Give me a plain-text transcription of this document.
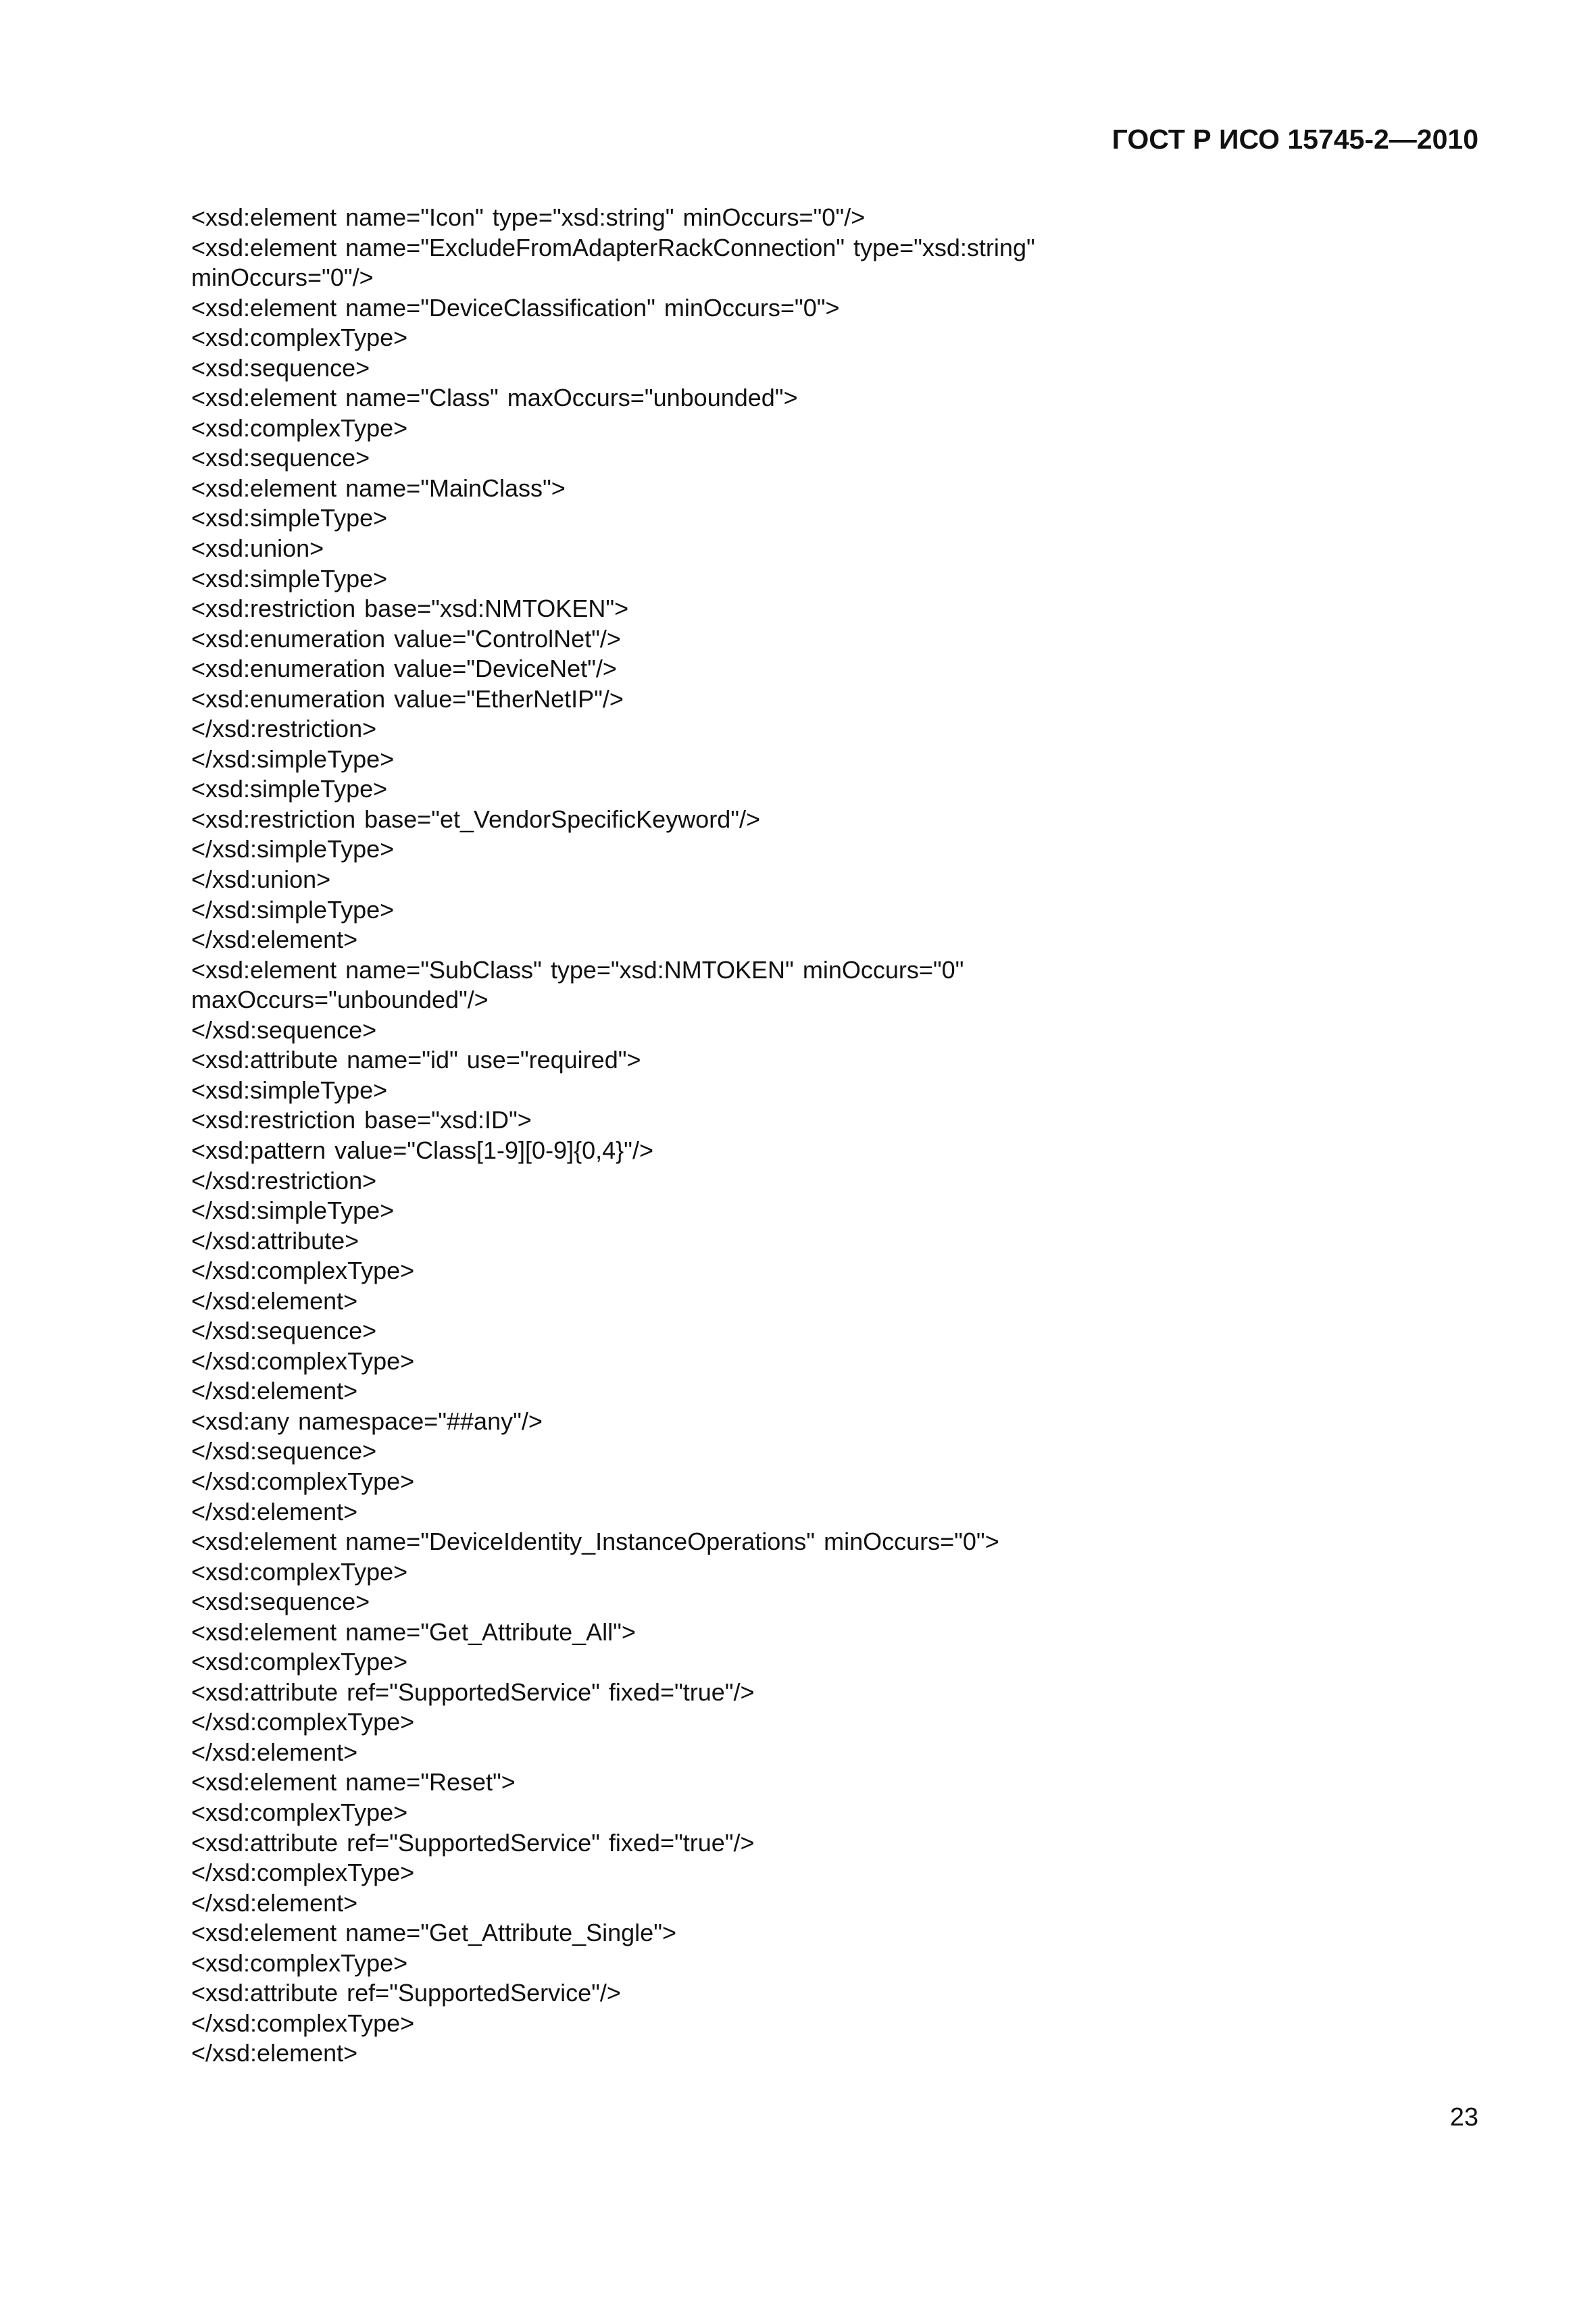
ГОСТ Р ИСО 15745-2—2010
<xsd:element name="Icon" type="xsd:string" minOccurs="0"/>
<xsd:element name="ExcludeFromAdapterRackConnection" type="xsd:string"
minOccurs="0"/>
<xsd:element name="DeviceClassification" minOccurs="0">
<xsd:complexType>
<xsd:sequence>
<xsd:element name="Class" maxOccurs="unbounded">
<xsd:complexType>
<xsd:sequence>
<xsd:element name="MainClass">
<xsd:simpleType>
<xsd:union>
<xsd:simpleType>
<xsd:restriction base="xsd:NMTOKEN">
<xsd:enumeration value="ControlNet"/>
<xsd:enumeration value="DeviceNet"/>
<xsd:enumeration value="EtherNetIP"/>
</xsd:restriction>
</xsd:simpleType>
<xsd:simpleType>
<xsd:restriction base="et_VendorSpecificKeyword"/>
</xsd:simpleType>
</xsd:union>
</xsd:simpleType>
</xsd:element>
<xsd:element name="SubClass" type="xsd:NMTOKEN" minOccurs="0"
maxOccurs="unbounded"/>
</xsd:sequence>
<xsd:attribute name="id" use="required">
<xsd:simpleType>
<xsd:restriction base="xsd:ID">
<xsd:pattern value="Class[1-9][0-9]{0,4}"/>
</xsd:restriction>
</xsd:simpleType>
</xsd:attribute>
</xsd:complexType>
</xsd:element>
</xsd:sequence>
</xsd:complexType>
</xsd:element>
<xsd:any namespace="##any"/>
</xsd:sequence>
</xsd:complexType>
</xsd:element>
<xsd:element name="DeviceIdentity_InstanceOperations" minOccurs="0">
<xsd:complexType>
<xsd:sequence>
<xsd:element name="Get_Attribute_All">
<xsd:complexType>
<xsd:attribute ref="SupportedService" fixed="true"/>
</xsd:complexType>
</xsd:element>
<xsd:element name="Reset">
<xsd:complexType>
<xsd:attribute ref="SupportedService" fixed="true"/>
</xsd:complexType>
</xsd:element>
<xsd:element name="Get_Attribute_Single">
<xsd:complexType>
<xsd:attribute ref="SupportedService"/>
</xsd:complexType>
</xsd:element>
23
